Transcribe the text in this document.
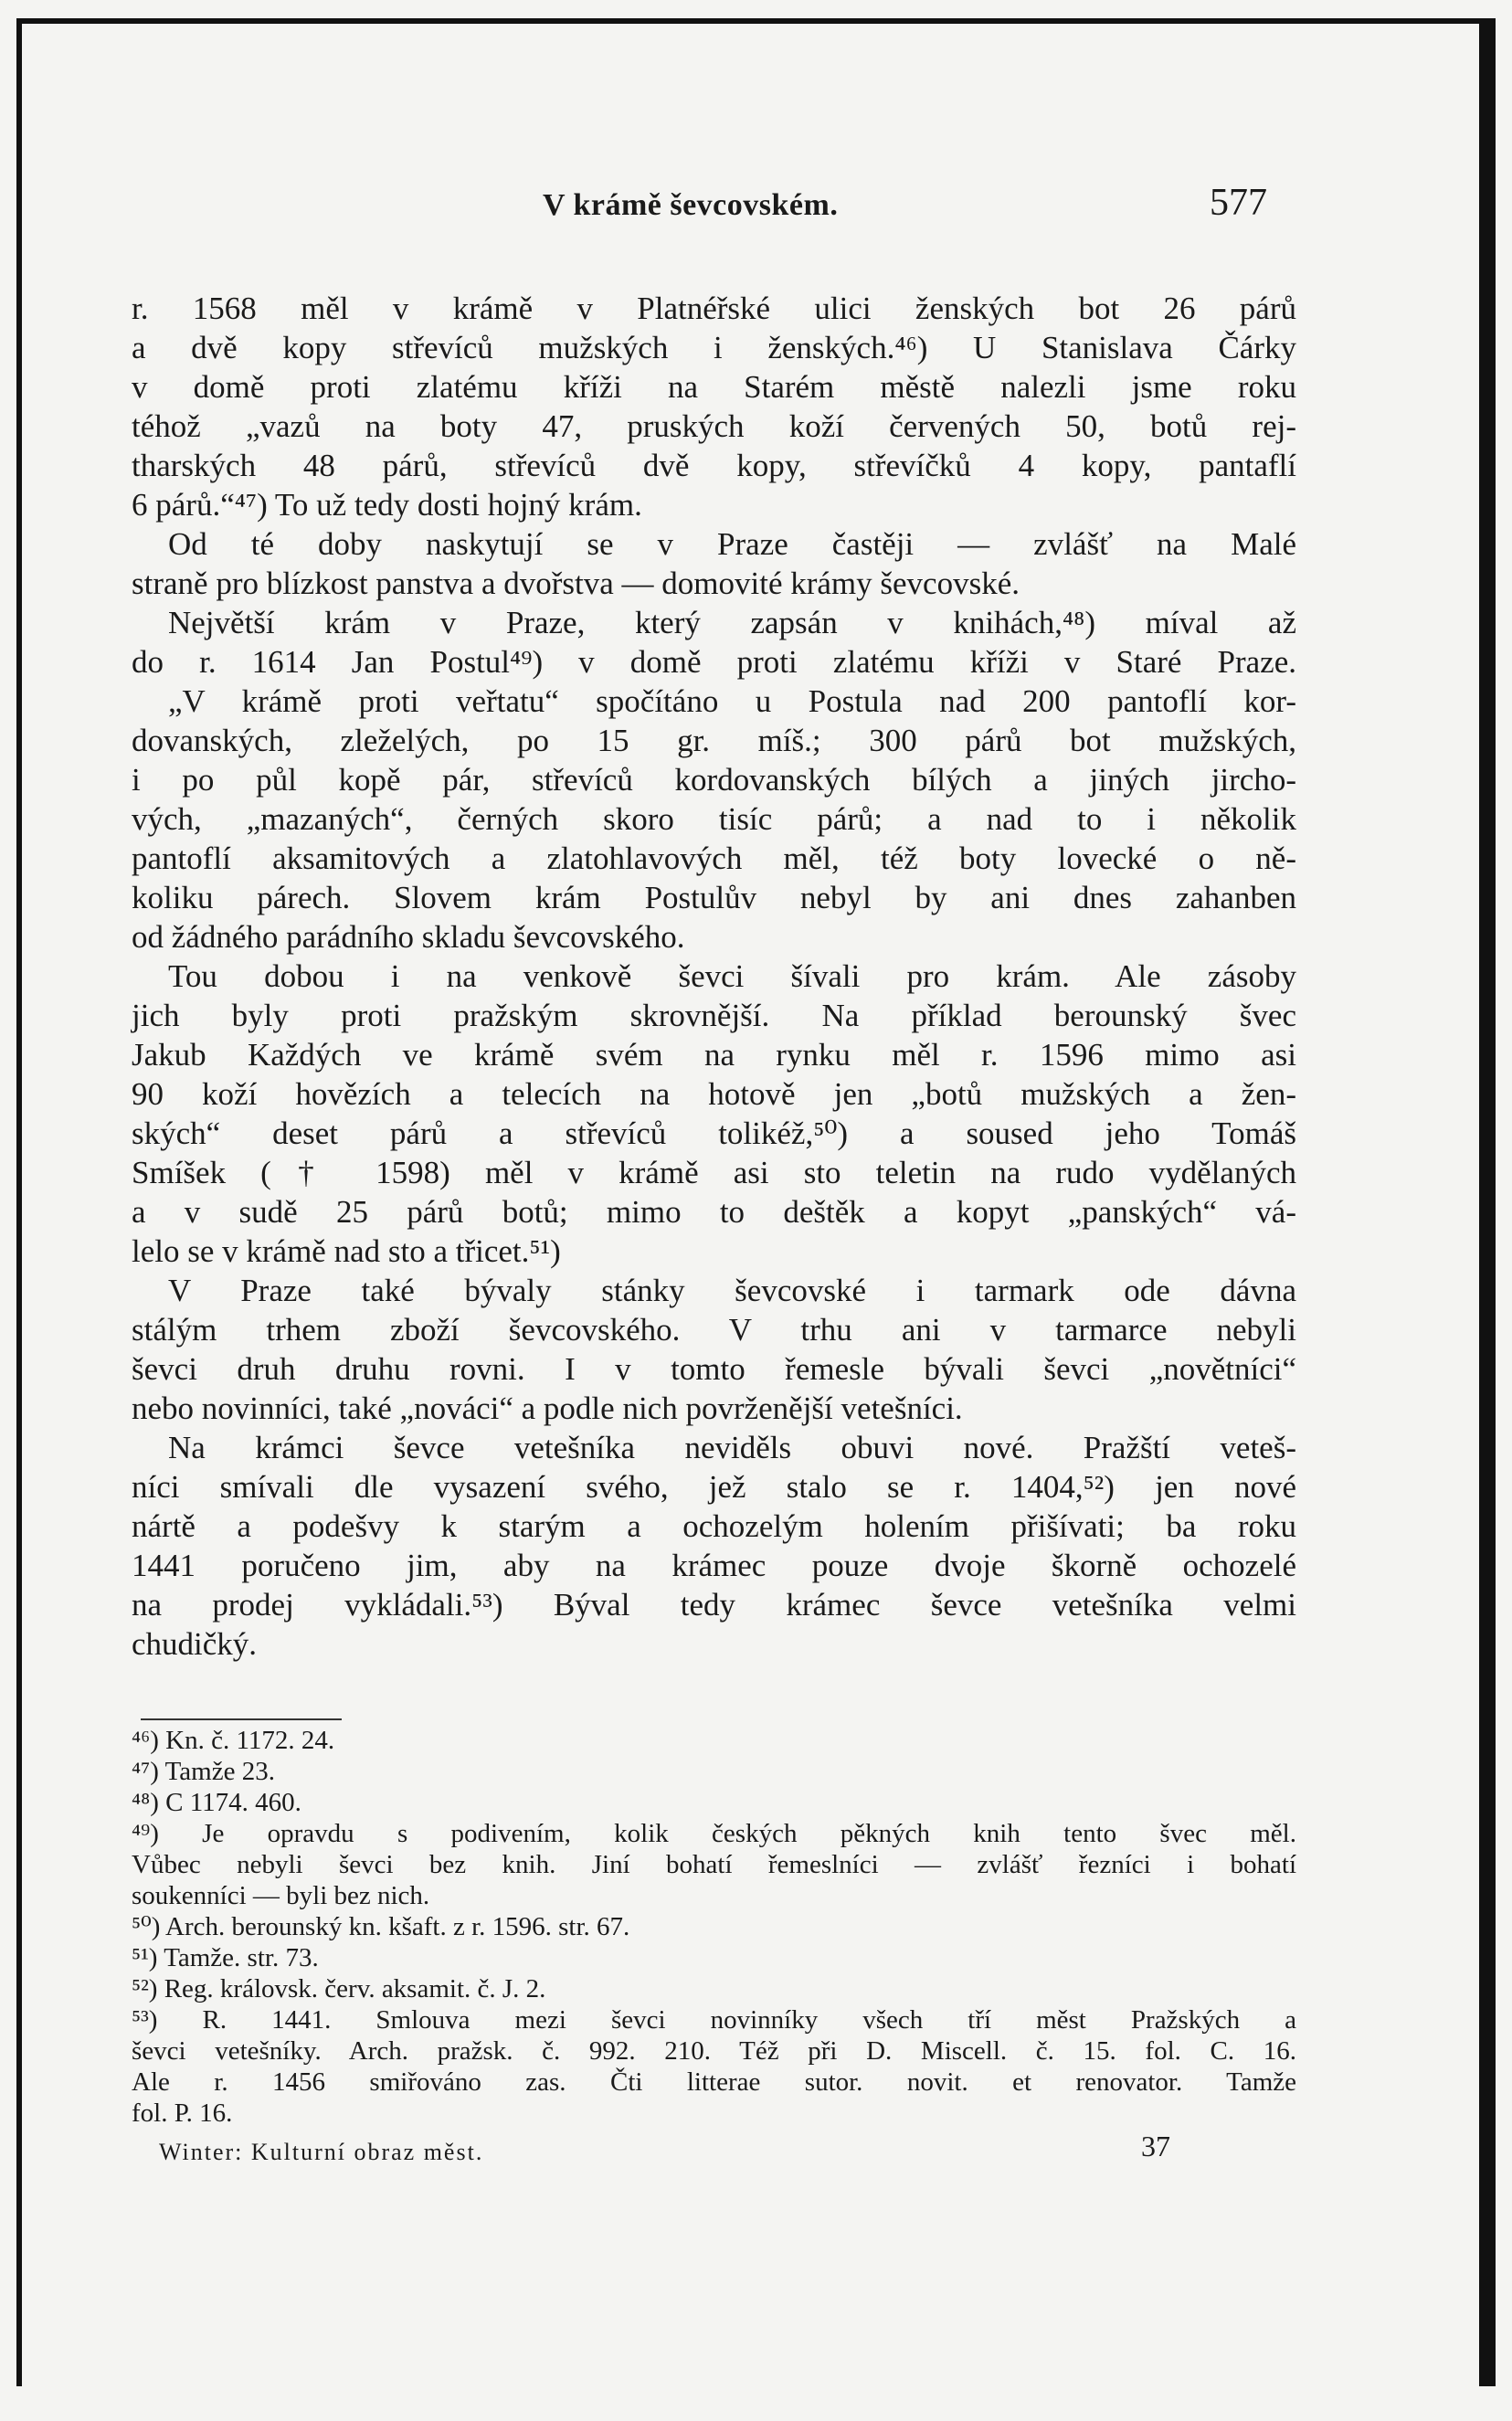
V krámě ševcovském.	577
r. 1568 měl v krámě v Platnéřské ulici ženských bot 26 párů
a dvě kopy střevíců mužských i ženských.⁴⁶) U Stanislava Čárky
v domě proti zlatému kříži na Starém městě nalezli jsme roku
téhož „vazů na boty 47, pruských koží červených 50, botů rej-
tharských 48 párů, střevíců dvě kopy, střevíčků 4 kopy, pantaflí
6 párů.“⁴⁷) To už tedy dosti hojný krám.
Od té doby naskytují se v Praze častěji — zvlášť na Malé
straně pro blízkost panstva a dvořstva — domovité krámy ševcovské.
Největší krám v Praze, který zapsán v knihách,⁴⁸) míval až
do r. 1614 Jan Postul⁴⁹) v domě proti zlatému kříži v Staré Praze.
„V krámě proti veřtatu“ spočítáno u Postula nad 200 pantoflí kor-
dovanských, zleželých, po 15 gr. míš.; 300 párů bot mužských,
i po půl kopě pár, střevíců kordovanských bílých a jiných jircho-
vých, „mazaných“, černých skoro tisíc párů; a nad to i několik
pantoflí aksamitových a zlatohlavových měl, též boty lovecké o ně-
koliku párech. Slovem krám Postulův nebyl by ani dnes zahanben
od žádného parádního skladu ševcovského.
Tou dobou i na venkově ševci šívali pro krám. Ale zásoby
jich byly proti pražským skrovnější. Na příklad berounský švec
Jakub Každých ve krámě svém na rynku měl r. 1596 mimo asi
90 koží hovězích a telecích na hotově jen „botů mužských a žen-
ských“ deset párů a střevíců tolikéž,⁵⁰) a soused jeho Tomáš
Smíšek († 1598) měl v krámě asi sto teletin na rudo vydělaných
a v sudě 25 párů botů; mimo to deštěk a kopyt „panských“ vá-
lelo se v krámě nad sto a třicet.⁵¹)
V Praze také bývaly stánky ševcovské i tarmark ode dávna
stálým trhem zboží ševcovského. V trhu ani v tarmarce nebyli
ševci druh druhu rovni. I v tomto řemesle bývali ševci „novětníci“
nebo novinníci, také „nováci“ a podle nich povrženější vetešníci.
Na krámci ševce vetešníka neviděls obuvi nové. Pražští veteš-
níci smívali dle vysazení svého, jež stalo se r. 1404,⁵²) jen nové
nártě a podešvy k starým a ochozelým holením přišívati; ba roku
1441 poručeno jim, aby na krámec pouze dvoje škorně ochozelé
na prodej vykládali.⁵³) Býval tedy krámec ševce vetešníka velmi
chudičký.
⁴⁶) Kn. č. 1172. 24.
⁴⁷) Tamže 23.
⁴⁸) C 1174. 460.
⁴⁹) Je opravdu s podivením, kolik českých pěkných knih tento švec měl.
Vůbec nebyli ševci bez knih. Jiní bohatí řemeslníci — zvlášť řezníci i bohatí
soukenníci — byli bez nich.
⁵⁰) Arch. berounský kn. kšaft. z r. 1596. str. 67.
⁵¹) Tamže. str. 73.
⁵²) Reg. královsk. červ. aksamit. č. J. 2.
⁵³) R. 1441. Smlouva mezi ševci novinníky všech tří měst Pražských a
ševci vetešníky. Arch. pražsk. č. 992. 210. Též při D. Miscell. č. 15. fol. C. 16.
Ale r. 1456 smiřováno zas. Čti litterae sutor. novit. et renovator. Tamže
fol. P. 16.
Winter: Kulturní obraz měst.	37
